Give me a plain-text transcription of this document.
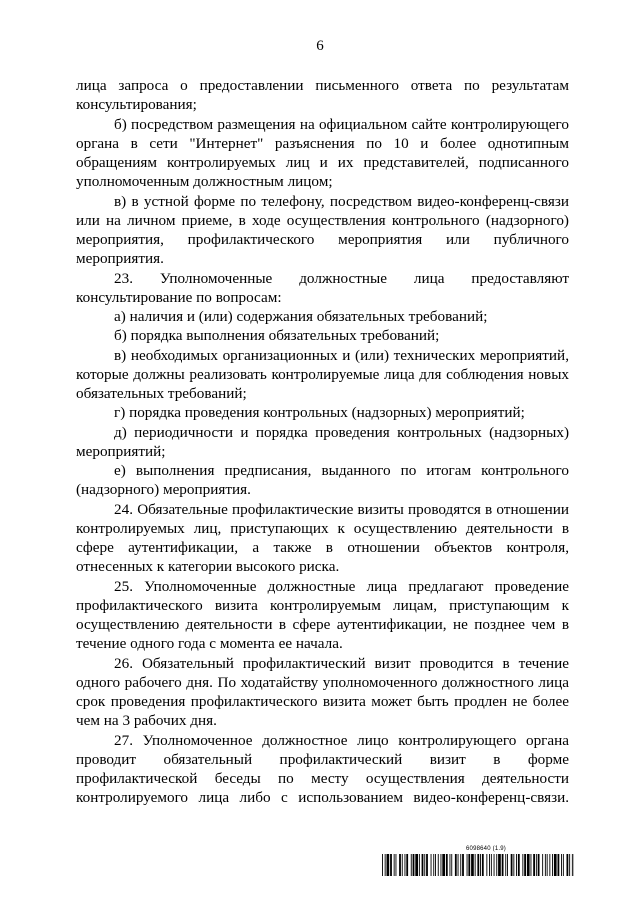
6

лица запроса о предоставлении письменного ответа по результатам консультирования;

б) посредством размещения на официальном сайте контролирующего органа в сети "Интернет" разъяснения по 10 и более однотипным обращениям контролируемых лиц и их представителей, подписанного уполномоченным должностным лицом;

в) в устной форме по телефону, посредством видео-конференц-связи или на личном приеме, в ходе осуществления контрольного (надзорного) мероприятия, профилактического мероприятия или публичного мероприятия.

23. Уполномоченные должностные лица предоставляют консультирование по вопросам:

а) наличия и (или) содержания обязательных требований;

б) порядка выполнения обязательных требований;

в) необходимых организационных и (или) технических мероприятий, которые должны реализовать контролируемые лица для соблюдения новых обязательных требований;

г) порядка проведения контрольных (надзорных) мероприятий;

д) периодичности и порядка проведения контрольных (надзорных) мероприятий;

е) выполнения предписания, выданного по итогам контрольного (надзорного) мероприятия.

24. Обязательные профилактические визиты проводятся в отношении контролируемых лиц, приступающих к осуществлению деятельности в сфере аутентификации, а также в отношении объектов контроля, отнесенных к категории высокого риска.

25. Уполномоченные должностные лица предлагают проведение профилактического визита контролируемым лицам, приступающим к осуществлению деятельности в сфере аутентификации, не позднее чем в течение одного года с момента ее начала.

26. Обязательный профилактический визит проводится в течение одного рабочего дня. По ходатайству уполномоченного должностного лица срок проведения профилактического визита может быть продлен не более чем на 3 рабочих дня.

27. Уполномоченное должностное лицо контролирующего органа проводит обязательный профилактический визит в форме профилактической беседы по месту осуществления деятельности контролируемого лица либо с использованием видео-конференц-связи.

6098640 (1.9)
